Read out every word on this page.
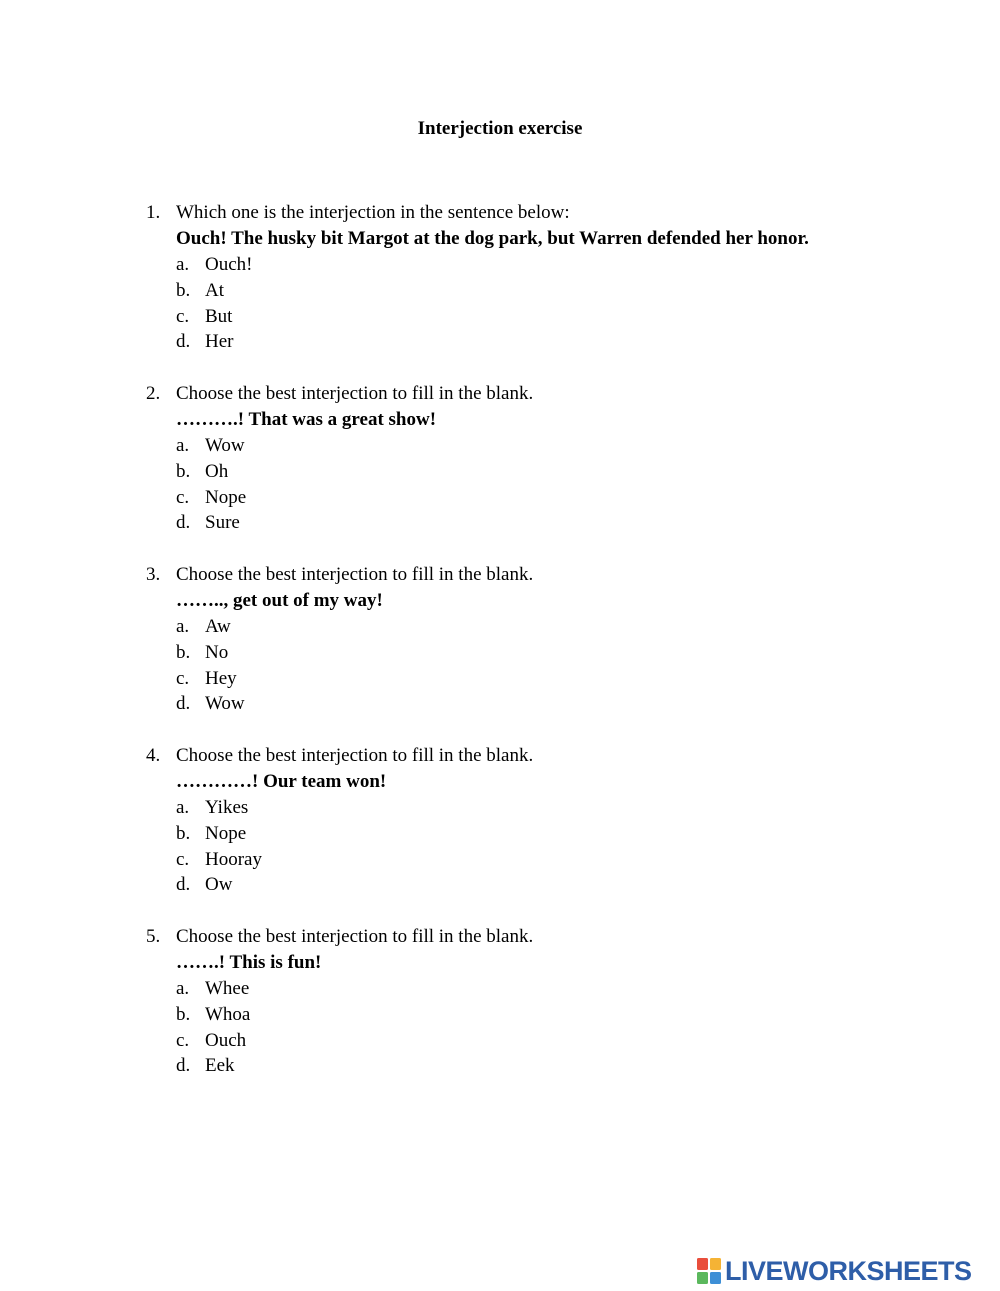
Interjection exercise
1. Which one is the interjection in the sentence below:
Ouch! The husky bit Margot at the dog park, but Warren defended her honor.
a. Ouch!
b. At
c. But
d. Her
2. Choose the best interjection to fill in the blank.
……….! That was a great show!
a. Wow
b. Oh
c. Nope
d. Sure
3. Choose the best interjection to fill in the blank.
…….., get out of my way!
a. Aw
b. No
c. Hey
d. Wow
4. Choose the best interjection to fill in the blank.
…………! Our team won!
a. Yikes
b. Nope
c. Hooray
d. Ow
5. Choose the best interjection to fill in the blank.
…….! This is fun!
a. Whee
b. Whoa
c. Ouch
d. Eek
LIVEWORKSHEETS
